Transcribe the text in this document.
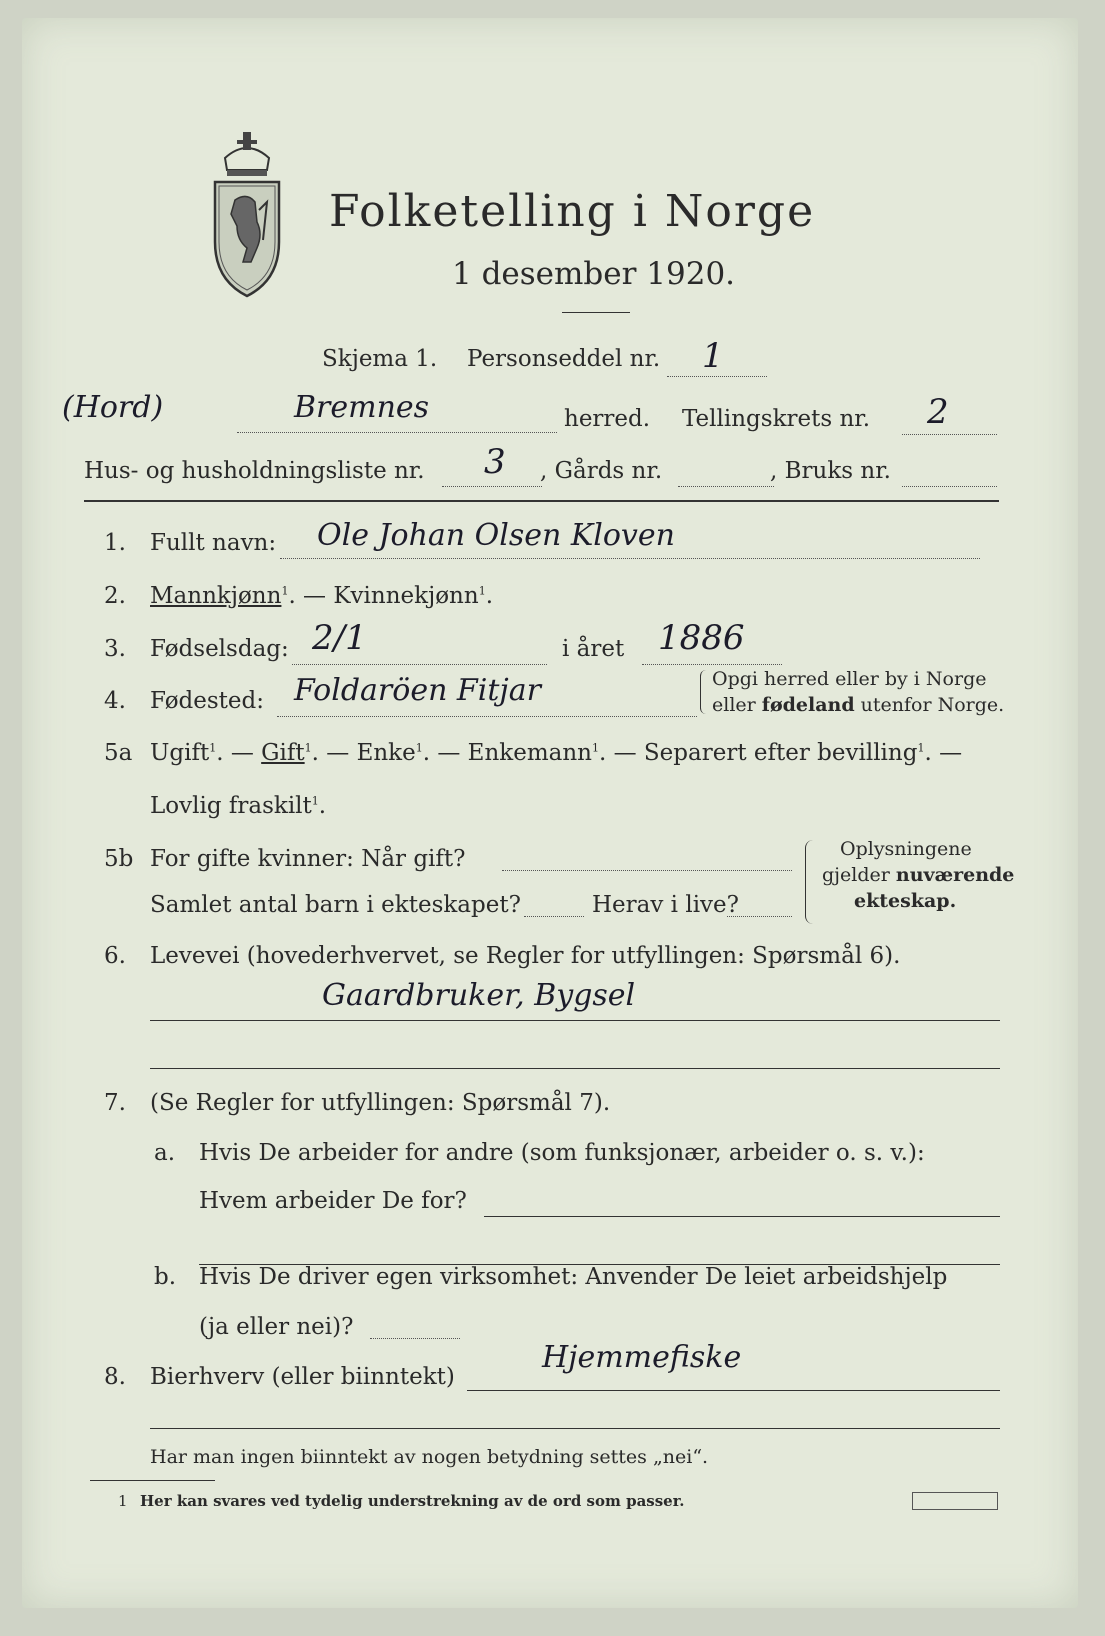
Folketelling i Norge
1 desember 1920.
Skjema 1. Personseddel nr. 1
(Hord)	Bremnes	herred. Tellingskrets nr. 2
Hus- og husholdningsliste nr. 3 , Gårds nr.	, Bruks nr.
1. Fullt navn: Ole Johan Olsen Kloven
2. Mannkjønn$^1$. — Kvinnekjønn$^1$.
3. Fødselsdag: 2/1	i året 1886
4. Fødested: Foldaröen Fitjar	Opgi herred eller by i Norge
eller fødeland utenfor Norge.
5a Ugift$^1$. — Gift$^1$. — Enke$^1$. — Enkemann$^1$. — Separert efter bevilling$^1$. —
Lovlig fraskilt$^1$.
5b For gifte kvinner: Når gift?
Samlet antal barn i ekteskapet?	Herav i live?
Oplysningene
gjelder nuværende
ekteskap.
6. Levevei (hovederhvervet, se Regler for utfyllingen: Spørsmål 6).
Gaardbruker, Bygsel
7. (Se Regler for utfyllingen: Spørsmål 7).
a. Hvis De arbeider for andre (som funksjonær, arbeider o. s. v.):
Hvem arbeider De for?
b. Hvis De driver egen virksomhet: Anvender De leiet arbeidshjelp
(ja eller nei)?
8. Bierhverv (eller biinntekt)
Hjemmefiske
Har man ingen biinntekt av nogen betydning settes „nei“.
1 Her kan svares ved tydelig understrekning av de ord som passer.
